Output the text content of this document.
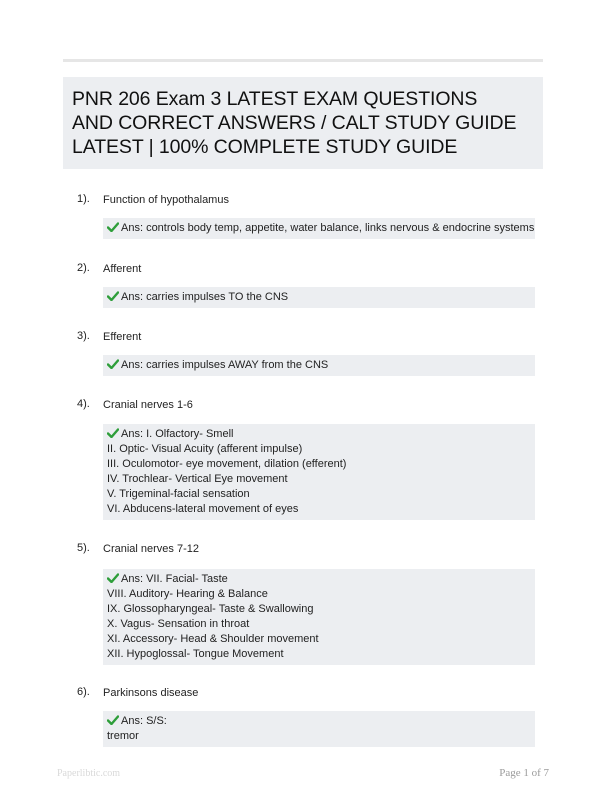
PNR 206 Exam 3 LATEST EXAM QUESTIONS
AND CORRECT ANSWERS / CALT STUDY GUIDE
LATEST | 100% COMPLETE STUDY GUIDE
1). Function of hypothalamus
Ans: controls body temp, appetite, water balance, links nervous & endocrine systems
2). Afferent
Ans: carries impulses TO the CNS
3). Efferent
Ans: carries impulses AWAY from the CNS
4). Cranial nerves 1-6
Ans: I. Olfactory- Smell
II. Optic- Visual Acuity (afferent impulse)
III. Oculomotor- eye movement, dilation (efferent)
IV. Trochlear- Vertical Eye movement
V. Trigeminal-facial sensation
VI. Abducens-lateral movement of eyes
5). Cranial nerves 7-12
Ans: VII. Facial- Taste
VIII. Auditory- Hearing & Balance
IX. Glossopharyngeal- Taste & Swallowing
X. Vagus- Sensation in throat
XI. Accessory- Head & Shoulder movement
XII. Hypoglossal- Tongue Movement
6). Parkinsons disease
Ans: S/S:
tremor
Paperlibtic.com	Page 1 of 7
